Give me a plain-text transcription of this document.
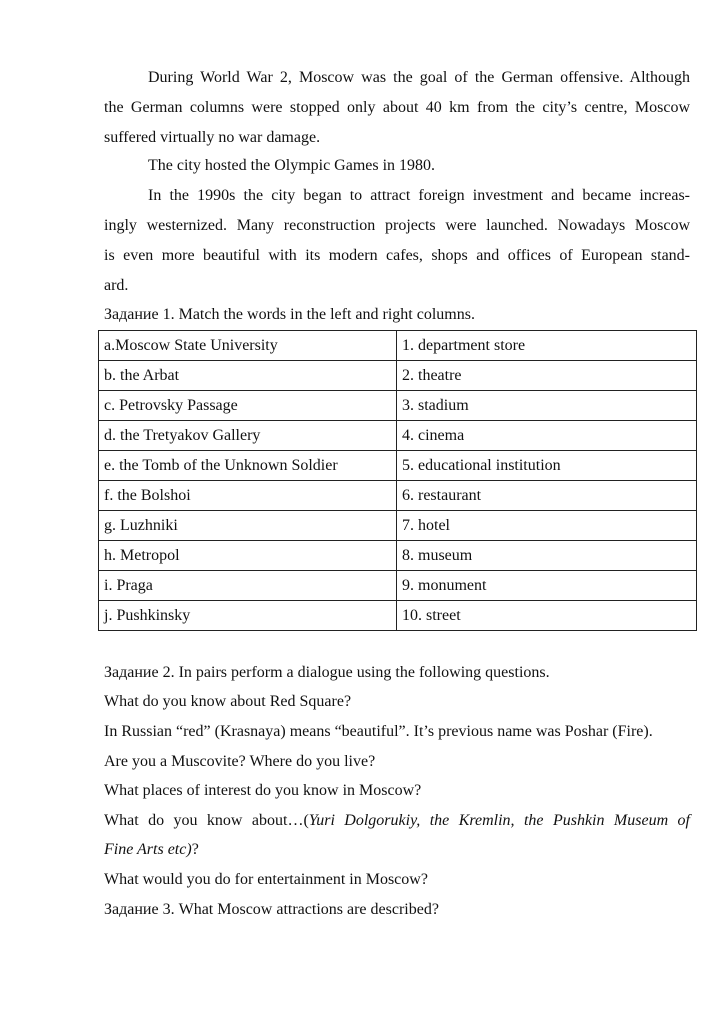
During World War 2, Moscow was the goal of the German offensive. Although
the German columns were stopped only about 40 km from the city’s centre, Moscow
suffered virtually no war damage.
The city hosted the Olympic Games in 1980.
In the 1990s the city began to attract foreign investment and became increas-
ingly westernized. Many reconstruction projects were launched. Nowadays Moscow
is even more beautiful with its modern cafes, shops and offices of European stand-
ard.
Задание 1. Match the words in the left and right columns.
a.Moscow State University	1. department store
b. the Arbat	2. theatre
c. Petrovsky Passage	3. stadium
d. the Tretyakov Gallery	4. cinema
e. the Tomb of the Unknown Soldier	5. educational institution
f. the Bolshoi	6. restaurant
g. Luzhniki	7. hotel
h. Metropol	8. museum
i. Praga	9. monument
j. Pushkinsky	10. street
Задание 2. In pairs perform a dialogue using the following questions.
What do you know about Red Square?
In Russian “red” (Krasnaya) means “beautiful”. It’s previous name was Poshar (Fire).
Are you a Muscovite? Where do you live?
What places of interest do you know in Moscow?
What do you know about…(Yuri Dolgorukiy, the Kremlin, the Pushkin Museum of
Fine Arts etc)?
What would you do for entertainment in Moscow?
Задание 3. What Moscow attractions are described?
